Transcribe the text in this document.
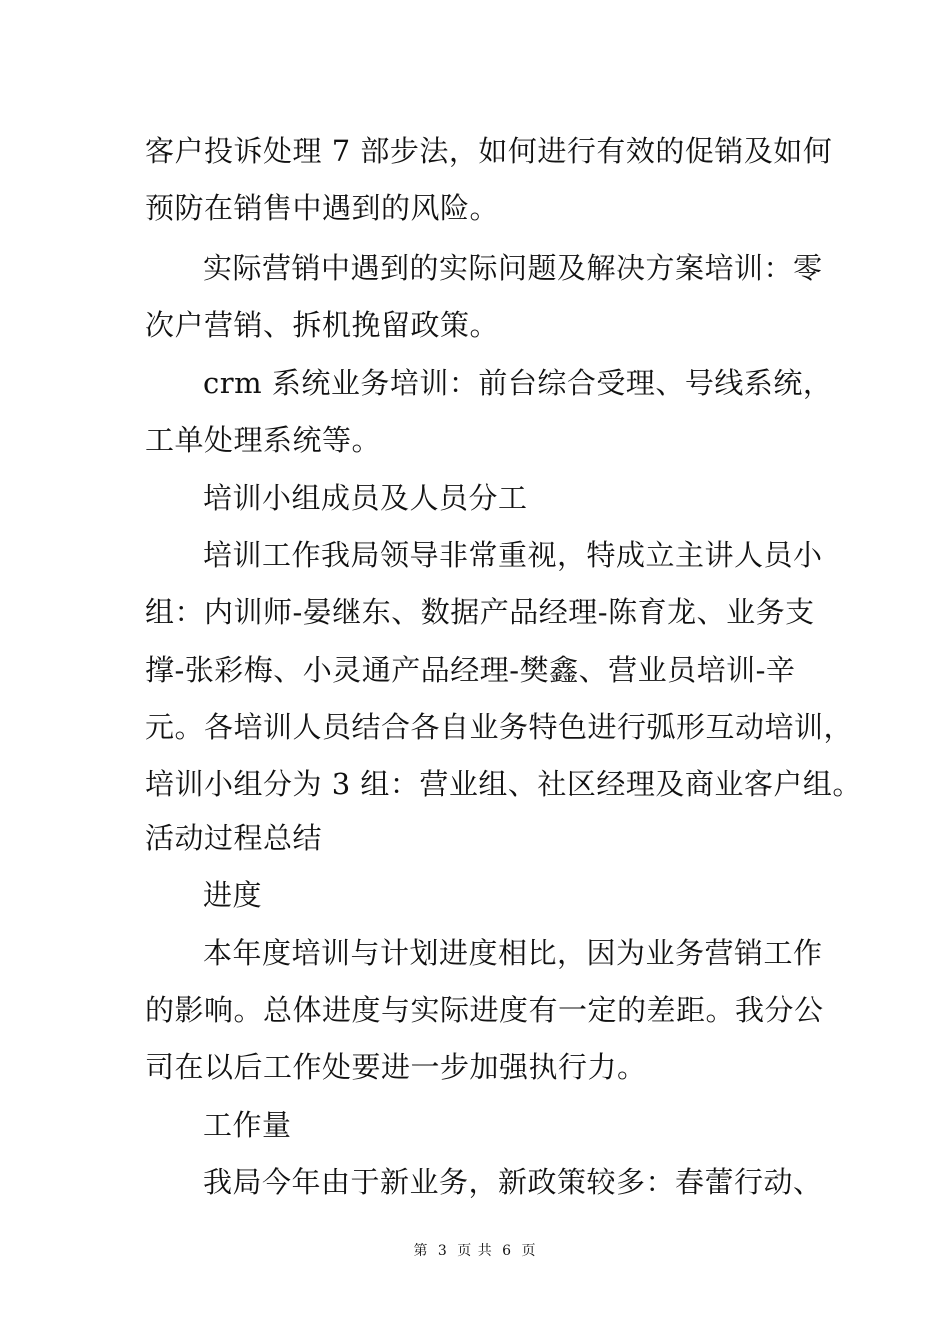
客户投诉处理 7 部步法，如何进行有效的促销及如何
预防在销售中遇到的风险。
实际营销中遇到的实际问题及解决方案培训：零
次户营销、拆机挽留政策。
crm 系统业务培训：前台综合受理、号线系统，
工单处理系统等。
培训小组成员及人员分工
培训工作我局领导非常重视，特成立主讲人员小
组：内训师-晏继东、数据产品经理-陈育龙、业务支
撑-张彩梅、小灵通产品经理-樊鑫、营业员培训-辛
元。各培训人员结合各自业务特色进行弧形互动培训，
培训小组分为 3 组：营业组、社区经理及商业客户组。
活动过程总结
进度
本年度培训与计划进度相比，因为业务营销工作
的影响。总体进度与实际进度有一定的差距。我分公
司在以后工作处要进一步加强执行力。
工作量
我局今年由于新业务，新政策较多：春蕾行动、
第 3 页 共 6 页
